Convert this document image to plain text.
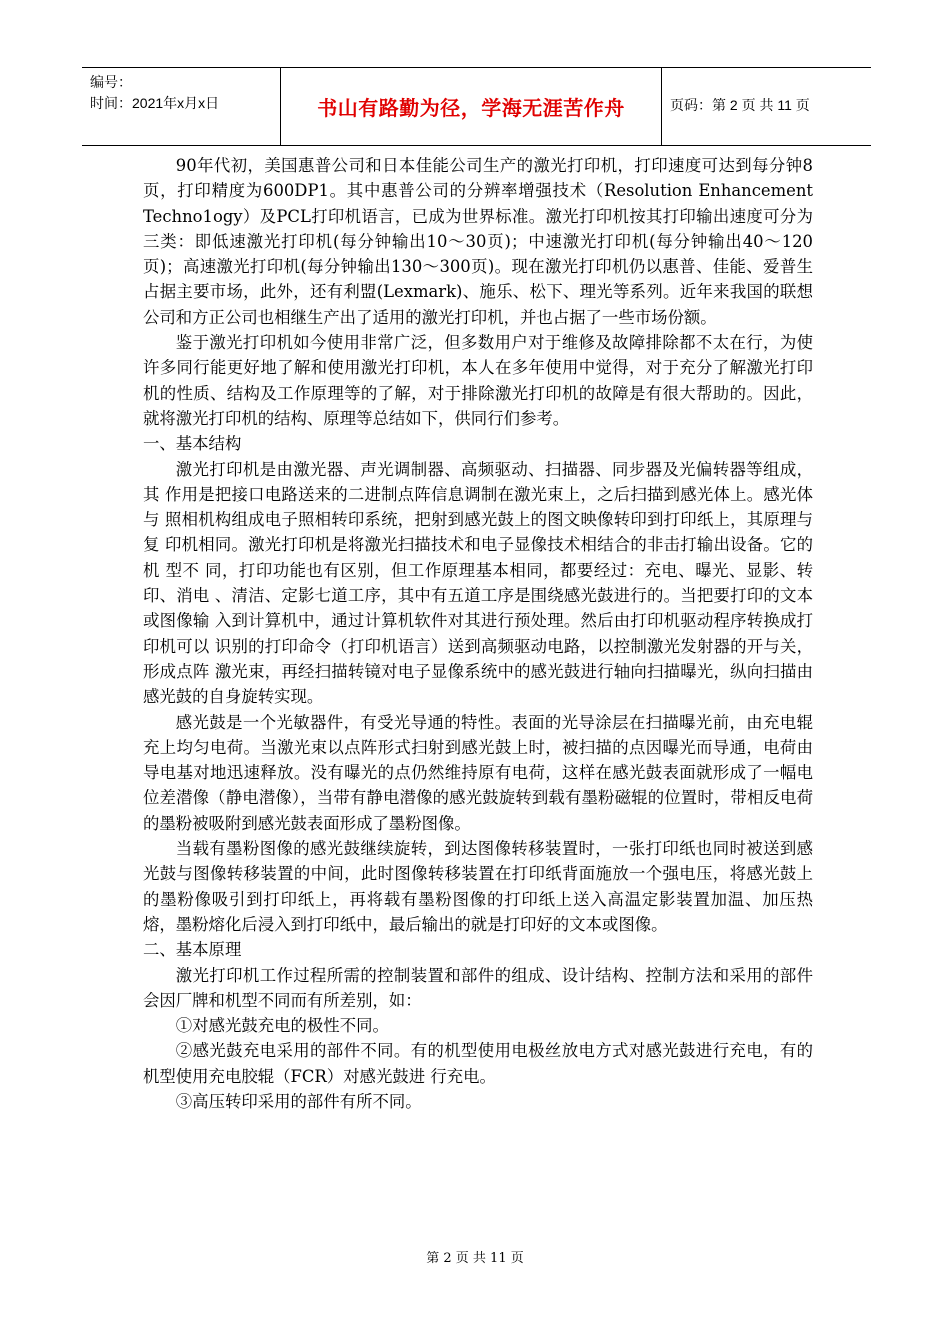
编号：
时间：2021年x月x日	书山有路勤为径，学海无涯苦作舟	页码：第 2 页 共 11 页

90年代初，美国惠普公司和日本佳能公司生产的激光打印机，打印速度可达到每分钟8页，打印精度为600DP1。其中惠普公司的分辨率增强技术（Resolution Enhancement Techno1ogy）及PCL打印机语言，已成为世界标准。激光打印机按其打印输出速度可分为三类：即低速激光打印机(每分钟输出10～30页)；中速激光打印机(每分钟输出40～120页)；高速激光打印机(每分钟输出130～300页)。现在激光打印机仍以惠普、佳能、爱普生占据主要市场，此外，还有利盟(Lexmark)、施乐、松下、理光等系列。近年来我国的联想公司和方正公司也相继生产出了适用的激光打印机，并也占据了一些市场份额。

鉴于激光打印机如今使用非常广泛，但多数用户对于维修及故障排除都不太在行，为使许多同行能更好地了解和使用激光打印机，本人在多年使用中觉得，对于充分了解激光打印机的性质、结构及工作原理等的了解，对于排除激光打印机的故障是有很大帮助的。因此，就将激光打印机的结构、原理等总结如下，供同行们参考。

一、基本结构

激光打印机是由激光器、声光调制器、高频驱动、扫描器、同步器及光偏转器等组成，其 作用是把接口电路送来的二进制点阵信息调制在激光束上，之后扫描到感光体上。感光体与 照相机构组成电子照相转印系统，把射到感光鼓上的图文映像转印到打印纸上，其原理与复 印机相同。激光打印机是将激光扫描技术和电子显像技术相结合的非击打输出设备。它的机 型不 同，打印功能也有区别，但工作原理基本相同，都要经过：充电、曝光、显影、转印、消电 、清洁、定影七道工序，其中有五道工序是围绕感光鼓进行的。当把要打印的文本或图像输 入到计算机中，通过计算机软件对其进行预处理。然后由打印机驱动程序转换成打印机可以 识别的打印命令（打印机语言）送到高频驱动电路，以控制激光发射器的开与关，形成点阵 激光束，再经扫描转镜对电子显像系统中的感光鼓进行轴向扫描曝光，纵向扫描由感光鼓的自身旋转实现。

感光鼓是一个光敏器件，有受光导通的特性。表面的光导涂层在扫描曝光前，由充电辊充上均匀电荷。当激光束以点阵形式扫射到感光鼓上时，被扫描的点因曝光而导通，电荷由导电基对地迅速释放。没有曝光的点仍然维持原有电荷，这样在感光鼓表面就形成了一幅电位差潜像（静电潜像），当带有静电潜像的感光鼓旋转到载有墨粉磁辊的位置时，带相反电荷的墨粉被吸附到感光鼓表面形成了墨粉图像。

当载有墨粉图像的感光鼓继续旋转，到达图像转移装置时，一张打印纸也同时被送到感光鼓与图像转移装置的中间，此时图像转移装置在打印纸背面施放一个强电压，将感光鼓上的墨粉像吸引到打印纸上，再将载有墨粉图像的打印纸上送入高温定影装置加温、加压热熔，墨粉熔化后浸入到打印纸中，最后输出的就是打印好的文本或图像。

二、基本原理

激光打印机工作过程所需的控制装置和部件的组成、设计结构、控制方法和采用的部件会因厂牌和机型不同而有所差别，如：

①对感光鼓充电的极性不同。

②感光鼓充电采用的部件不同。有的机型使用电极丝放电方式对感光鼓进行充电，有的机型使用充电胶辊（FCR）对感光鼓进 行充电。

③高压转印采用的部件有所不同。

第 2 页 共 11 页
